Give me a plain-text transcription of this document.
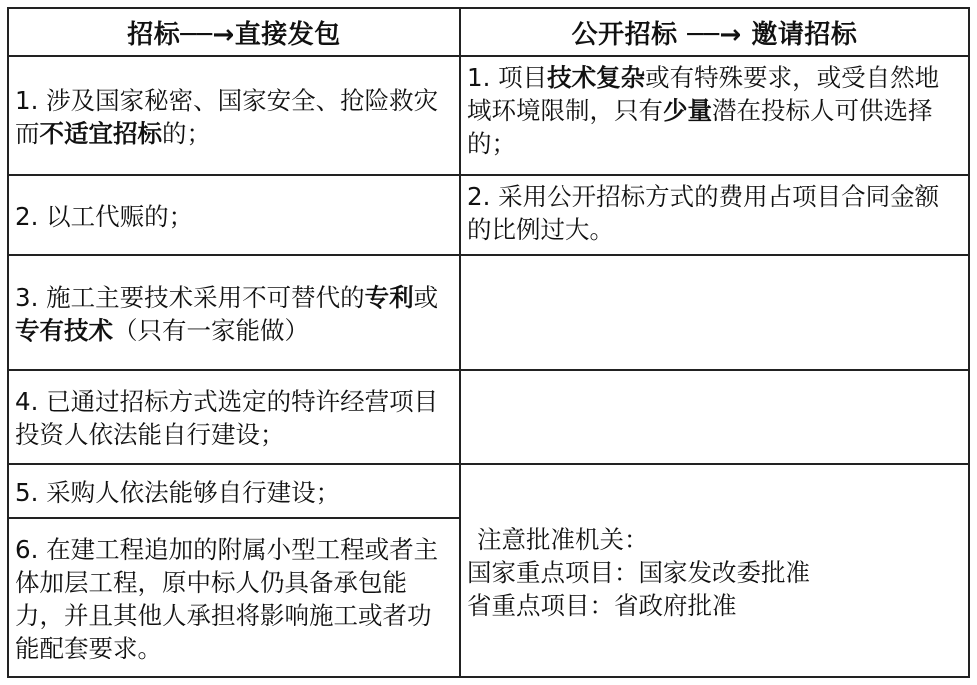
招标──→直接发包	公开招标 ──→ 邀请招标
1. 涉及国家秘密、国家安全、抢险救灾而不适宜招标的；
2. 以工代赈的；
3. 施工主要技术采用不可替代的专利或专有技术（只有一家能做）
4. 已通过招标方式选定的特许经营项目投资人依法能自行建设；
5. 采购人依法能够自行建设；
6. 在建工程追加的附属小型工程或者主体加层工程，原中标人仍具备承包能力，并且其他人承担将影响施工或者功能配套要求。
1. 项目技术复杂或有特殊要求，或受自然地域环境限制，只有少量潜在投标人可供选择的；
2. 采用公开招标方式的费用占项目合同金额的比例过大。
注意批准机关：
国家重点项目：国家发改委批准
省重点项目：省政府批准
